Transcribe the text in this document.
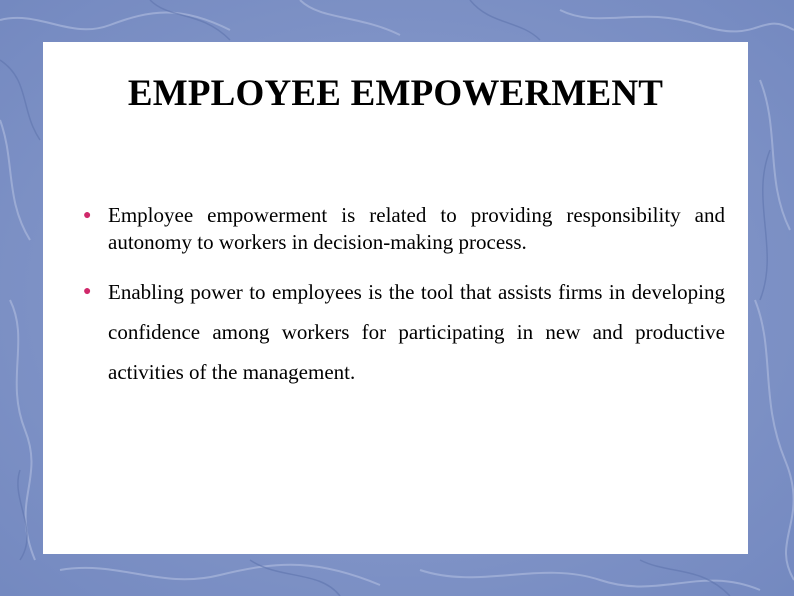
EMPLOYEE EMPOWERMENT
● Employee empowerment is related to providing responsibility and autonomy to workers in decision-making process.
● Enabling power to employees is the tool that assists firms in developing confidence among workers for participating in new and productive activities of the management.
